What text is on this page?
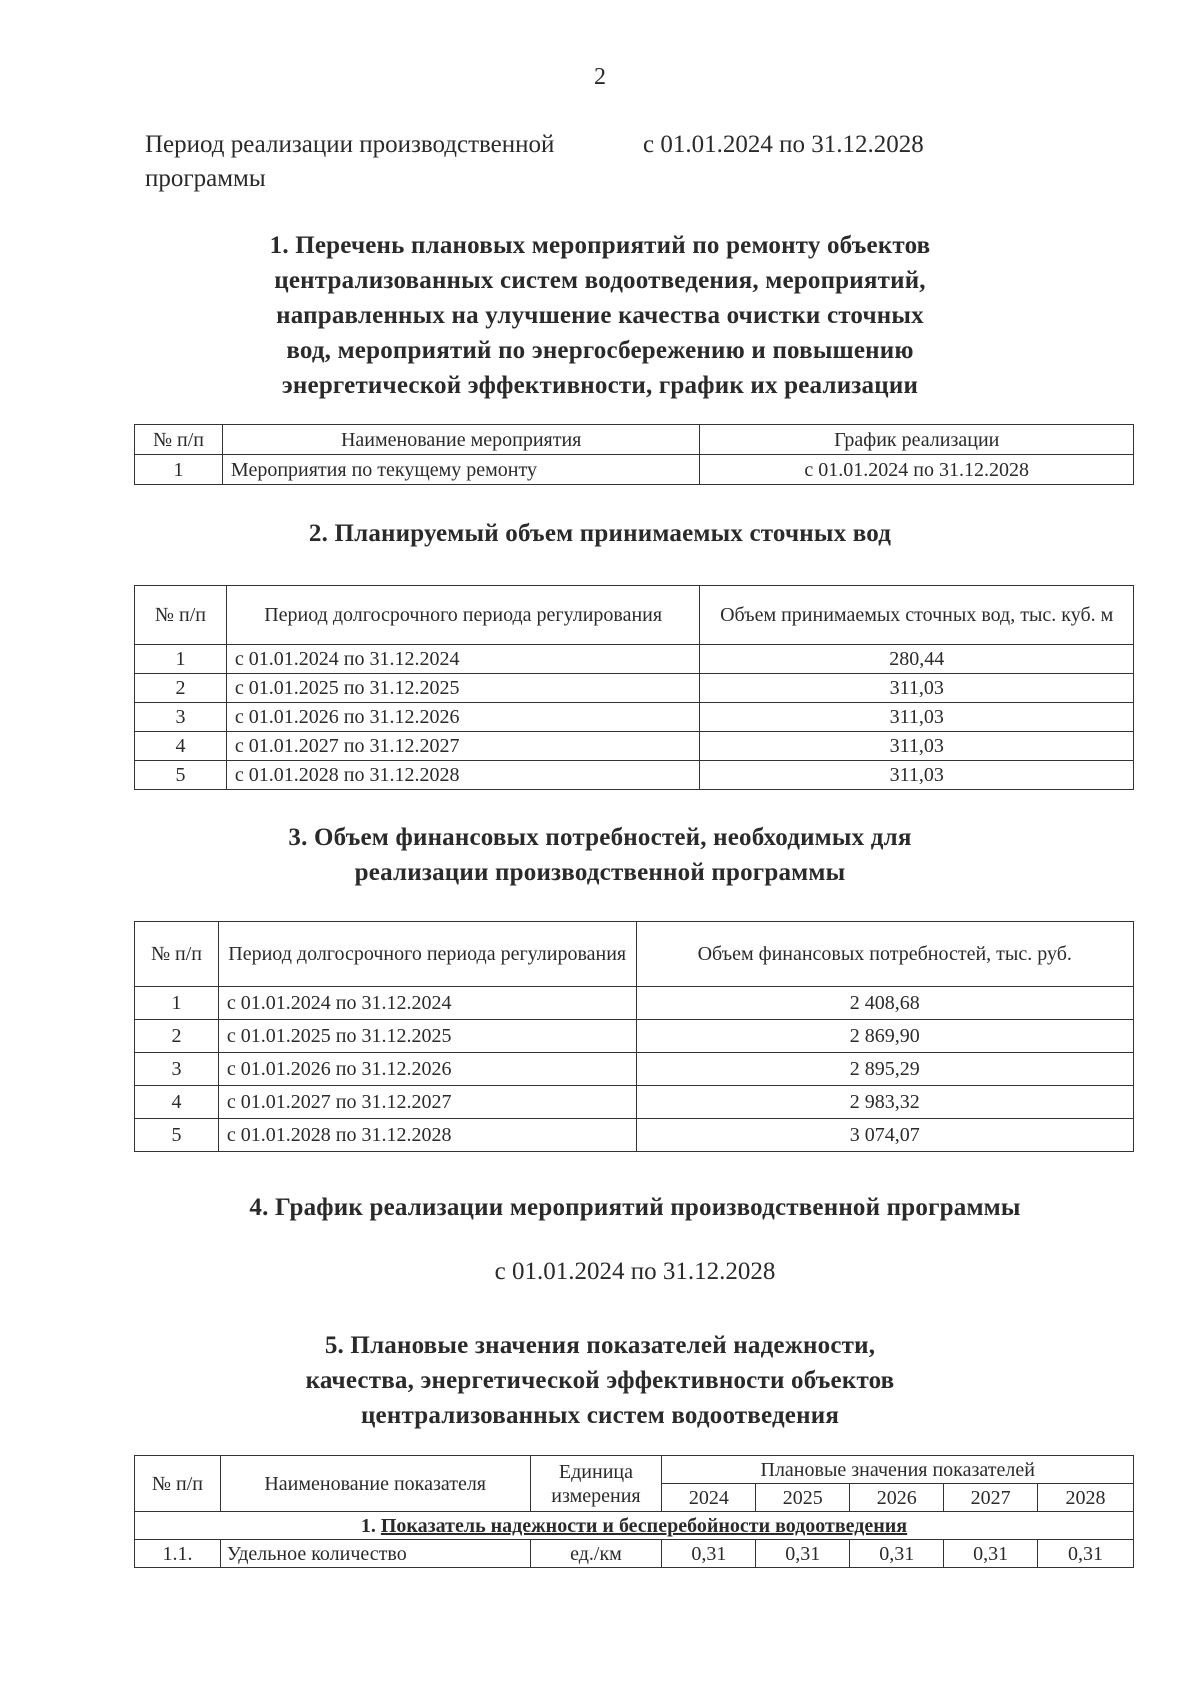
2
Период реализации производственной
программы
с 01.01.2024 по 31.12.2028
1. Перечень плановых мероприятий по ремонту объектов
централизованных систем водоотведения, мероприятий,
направленных на улучшение качества очистки сточных
вод, мероприятий по энергосбережению и повышению
энергетической эффективности, график их реализации
№ п/п	Наименование мероприятия	График реализации
1	Мероприятия по текущему ремонту	с 01.01.2024 по 31.12.2028
2. Планируемый объем принимаемых сточных вод
№ п/п	Период долгосрочного периода регулирования	Объем принимаемых сточных вод, тыс. куб. м
1	с 01.01.2024 по 31.12.2024	280,44
2	с 01.01.2025 по 31.12.2025	311,03
3	с 01.01.2026 по 31.12.2026	311,03
4	с 01.01.2027 по 31.12.2027	311,03
5	с 01.01.2028 по 31.12.2028	311,03
3. Объем финансовых потребностей, необходимых для
реализации производственной программы
№ п/п	Период долгосрочного периода регулирования	Объем финансовых потребностей, тыс. руб.
1	с 01.01.2024 по 31.12.2024	2 408,68
2	с 01.01.2025 по 31.12.2025	2 869,90
3	с 01.01.2026 по 31.12.2026	2 895,29
4	с 01.01.2027 по 31.12.2027	2 983,32
5	с 01.01.2028 по 31.12.2028	3 074,07
4. График реализации мероприятий производственной программы
с 01.01.2024 по 31.12.2028
5. Плановые значения показателей надежности,
качества, энергетической эффективности объектов
централизованных систем водоотведения
№ п/п	Наименование показателя	Единица измерения	Плановые значения показателей				
			2024	2025	2026	2027	2028
1. Показатель надежности и бесперебойности водоотведения							
1.1.	Удельное количество	ед./км	0,31	0,31	0,31	0,31	0,31
